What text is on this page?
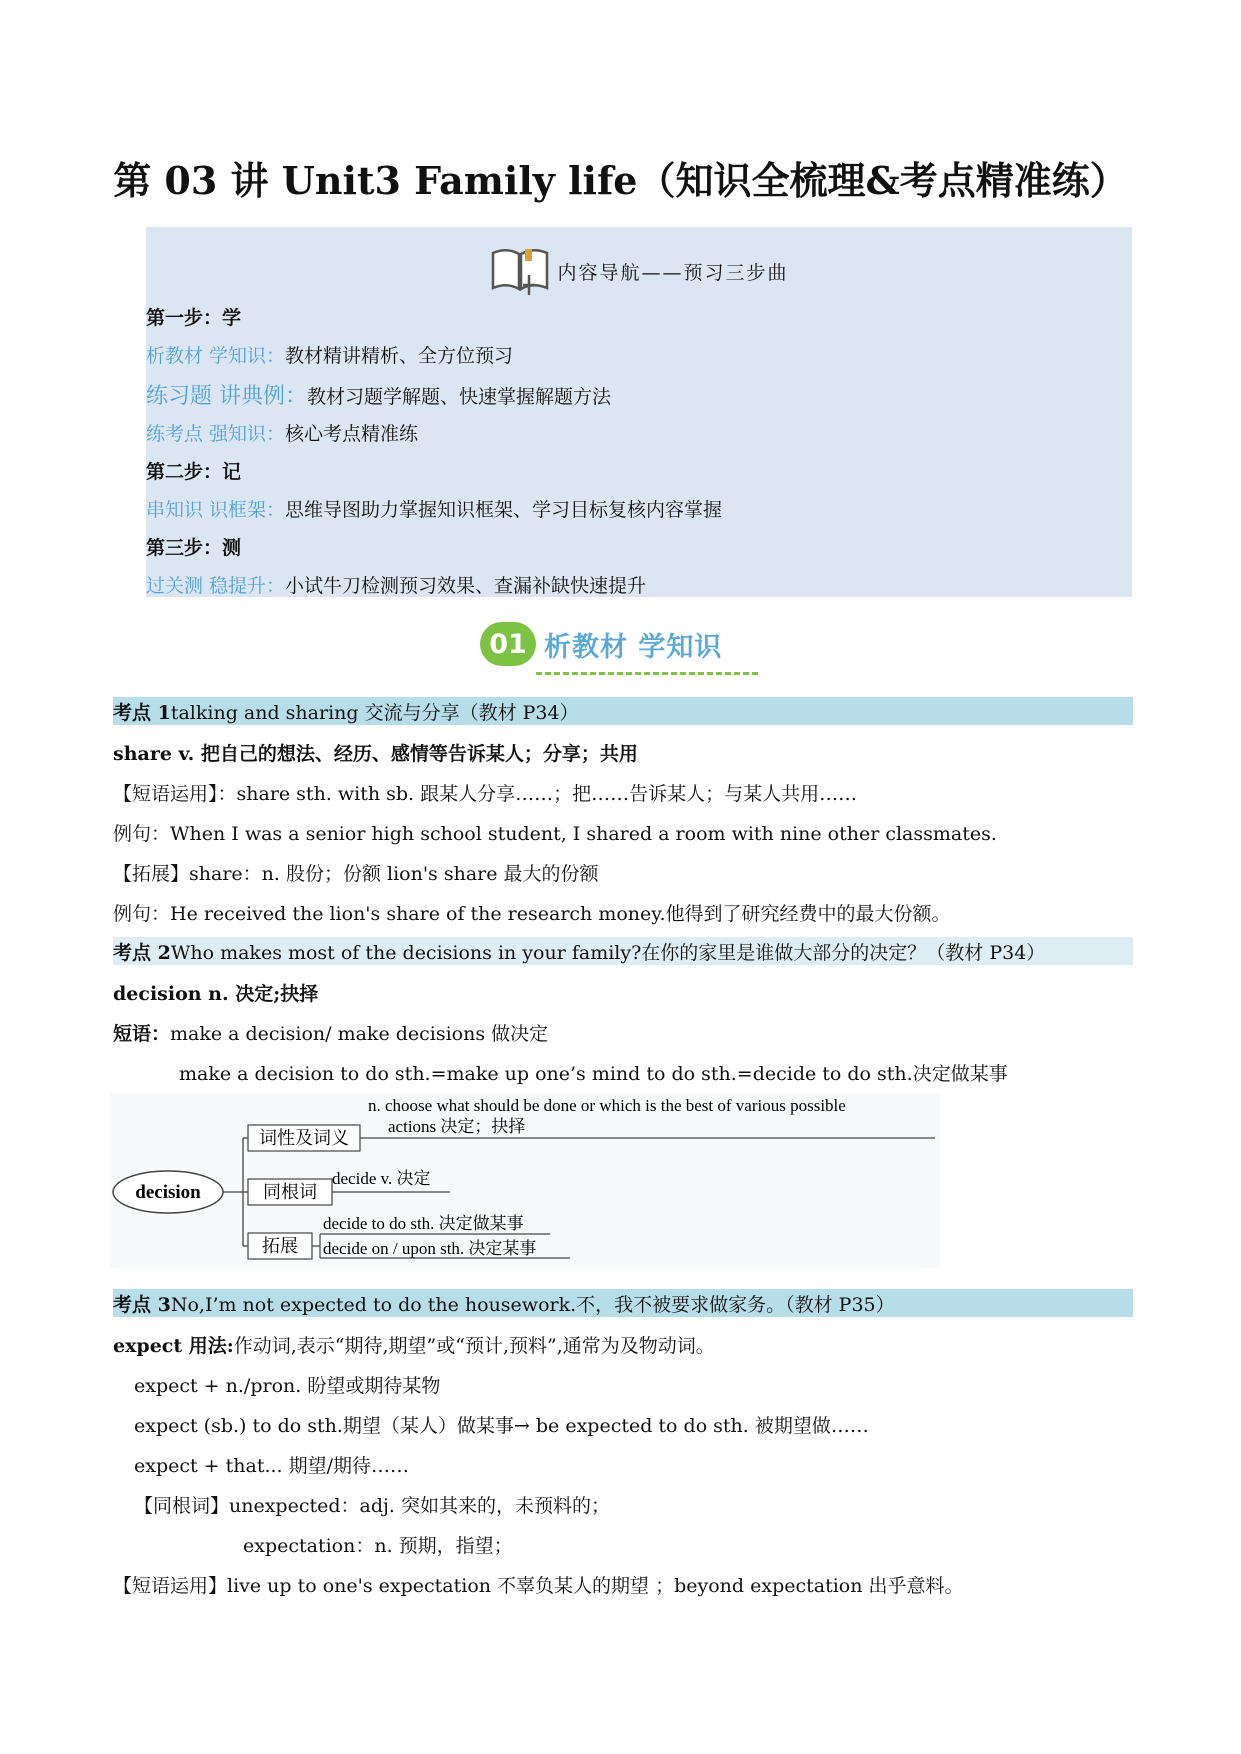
第 03 讲 Unit3 Family life（知识全梳理&考点精准练）
内容导航——预习三步曲
第一步：学
析教材 学知识：教材精讲精析、全方位预习
练习题 讲典例：教材习题学解题、快速掌握解题方法
练考点 强知识：核心考点精准练
第二步：记
串知识 识框架：思维导图助力掌握知识框架、学习目标复核内容掌握
第三步：测
过关测 稳提升：小试牛刀检测预习效果、查漏补缺快速提升
01 析教材 学知识
考点 1 talking and sharing 交流与分享（教材 P34）
share v. 把自己的想法、经历、感情等告诉某人；分享；共用
【短语运用】：share sth. with sb. 跟某人分享……；把……告诉某人；与某人共用……
例句：When I was a senior high school student, I shared a room with nine other classmates.
【拓展】share：n. 股份；份额 lion's share 最大的份额
例句：He received the lion's share of the research money.他得到了研究经费中的最大份额。
考点 2 Who makes most of the decisions in your family?在你的家里是谁做大部分的决定？（教材 P34）
decision n. 决定;抉择
短语：make a decision/ make decisions 做决定
make a decision to do sth.=make up one’s mind to do sth.=decide to do sth.决定做某事
decision
词性及词义
n. choose what should be done or which is the best of various possible
actions 决定；抉择
同根词
decide v. 决定
拓展
decide to do sth. 决定做某事
decide on / upon sth. 决定某事
考点 3 No,I’m not expected to do the housework.不，我不被要求做家务。（教材 P35）
expect 用法:作动词,表示“期待,期望”或“预计,预料”,通常为及物动词。
expect + n./pron. 盼望或期待某物
expect (sb.) to do sth.期望（某人）做某事→ be expected to do sth. 被期望做……
expect + that... 期望/期待……
【同根词】unexpected：adj. 突如其来的，未预料的；
expectation：n. 预期，指望；
【短语运用】live up to one's expectation 不辜负某人的期望 ；beyond expectation 出乎意料。
